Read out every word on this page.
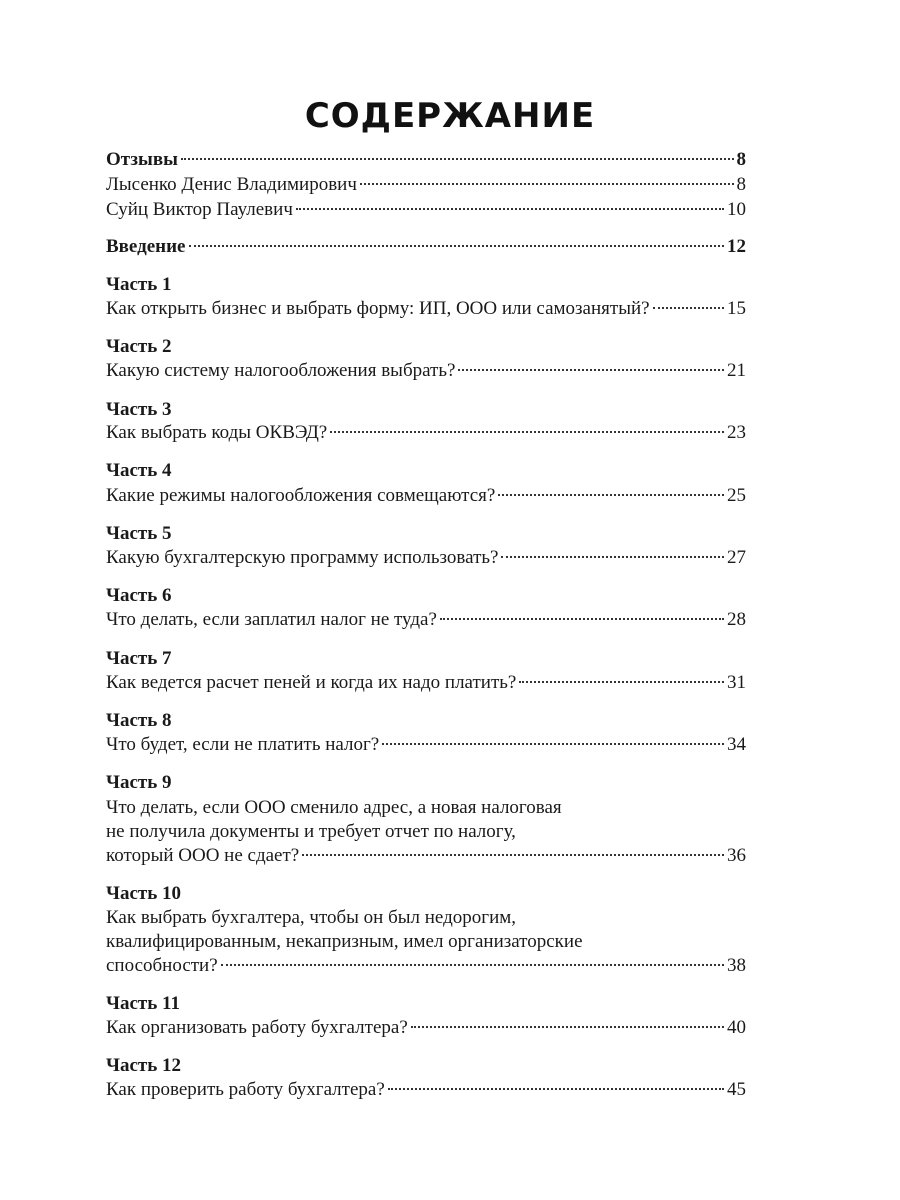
СОДЕРЖАНИЕ
Отзывы	8
Лысенко Денис Владимирович	8
Суйц Виктор Паулевич	10
Введение	12
Часть 1
Как открыть бизнес и выбрать форму: ИП, ООО или самозанятый?	15
Часть 2
Какую систему налогообложения выбрать?	21
Часть 3
Как выбрать коды ОКВЭД?	23
Часть 4
Какие режимы налогообложения совмещаются?	25
Часть 5
Какую бухгалтерскую программу использовать?	27
Часть 6
Что делать, если заплатил налог не туда?	28
Часть 7
Как ведется расчет пеней и когда их надо платить?	31
Часть 8
Что будет, если не платить налог?	34
Часть 9
Что делать, если ООО сменило адрес, а новая налоговая
не получила документы и требует отчет по налогу,
который ООО не сдает?	36
Часть 10
Как выбрать бухгалтера, чтобы он был недорогим,
квалифицированным, некапризным, имел организаторские
способности?	38
Часть 11
Как организовать работу бухгалтера?	40
Часть 12
Как проверить работу бухгалтера?	45
